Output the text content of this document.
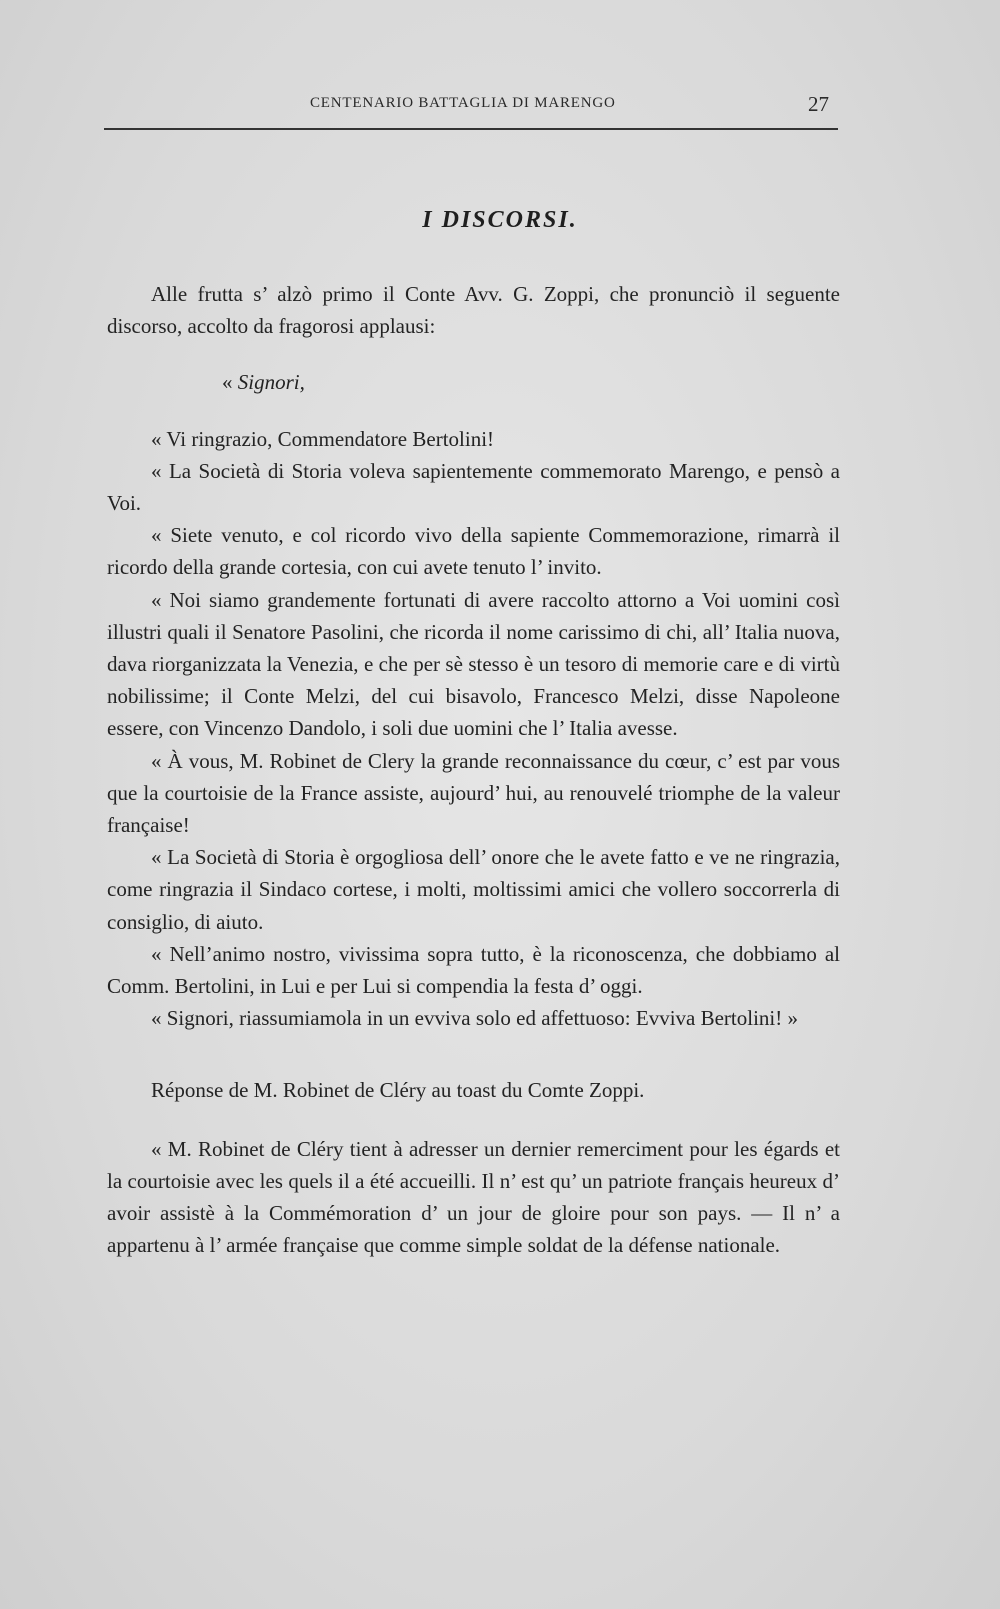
CENTENARIO BATTAGLIA DI MARENGO	27
I DISCORSI.

Alle frutta s’ alzò primo il Conte Avv. G. Zoppi, che pronunciò il seguente discorso, accolto da fragorosi applausi:

« Signori,

« Vi ringrazio, Commendatore Bertolini!

« La Società di Storia voleva sapientemente commemorato Marengo, e pensò a Voi.

« Siete venuto, e col ricordo vivo della sapiente Commemorazione, rimarrà il ricordo della grande cortesia, con cui avete tenuto l’ invito.

« Noi siamo grandemente fortunati di avere raccolto attorno a Voi uomini così illustri quali il Senatore Pasolini, che ricorda il nome carissimo di chi, all’ Italia nuova, dava riorganizzata la Venezia, e che per sè stesso è un tesoro di memorie care e di virtù nobilissime; il Conte Melzi, del cui bisavolo, Francesco Melzi, disse Napoleone essere, con Vincenzo Dandolo, i soli due uomini che l’ Italia avesse.

« À vous, M. Robinet de Clery la grande reconnaissance du cœur, c’ est par vous que la courtoisie de la France assiste, aujourd’ hui, au renouvelé triomphe de la valeur française!

« La Società di Storia è orgogliosa dell’ onore che le avete fatto e ve ne ringrazia, come ringrazia il Sindaco cortese, i molti, moltissimi amici che vollero soccorrerla di consiglio, di aiuto.

« Nell’animo nostro, vivissima sopra tutto, è la riconoscenza, che dobbiamo al Comm. Bertolini, in Lui e per Lui si compendia la festa d’ oggi.

« Signori, riassumiamola in un evviva solo ed affettuoso: Evviva Bertolini! »

Réponse de M. Robinet de Cléry au toast du Comte Zoppi.

« M. Robinet de Cléry tient à adresser un dernier remerciment pour les égards et la courtoisie avec les quels il a été accueilli. Il n’ est qu’ un patriote français heureux d’ avoir assistè à la Commémoration d’ un jour de gloire pour son pays. — Il n’ a appartenu à l’ armée française que comme simple soldat de la défense nationale.
